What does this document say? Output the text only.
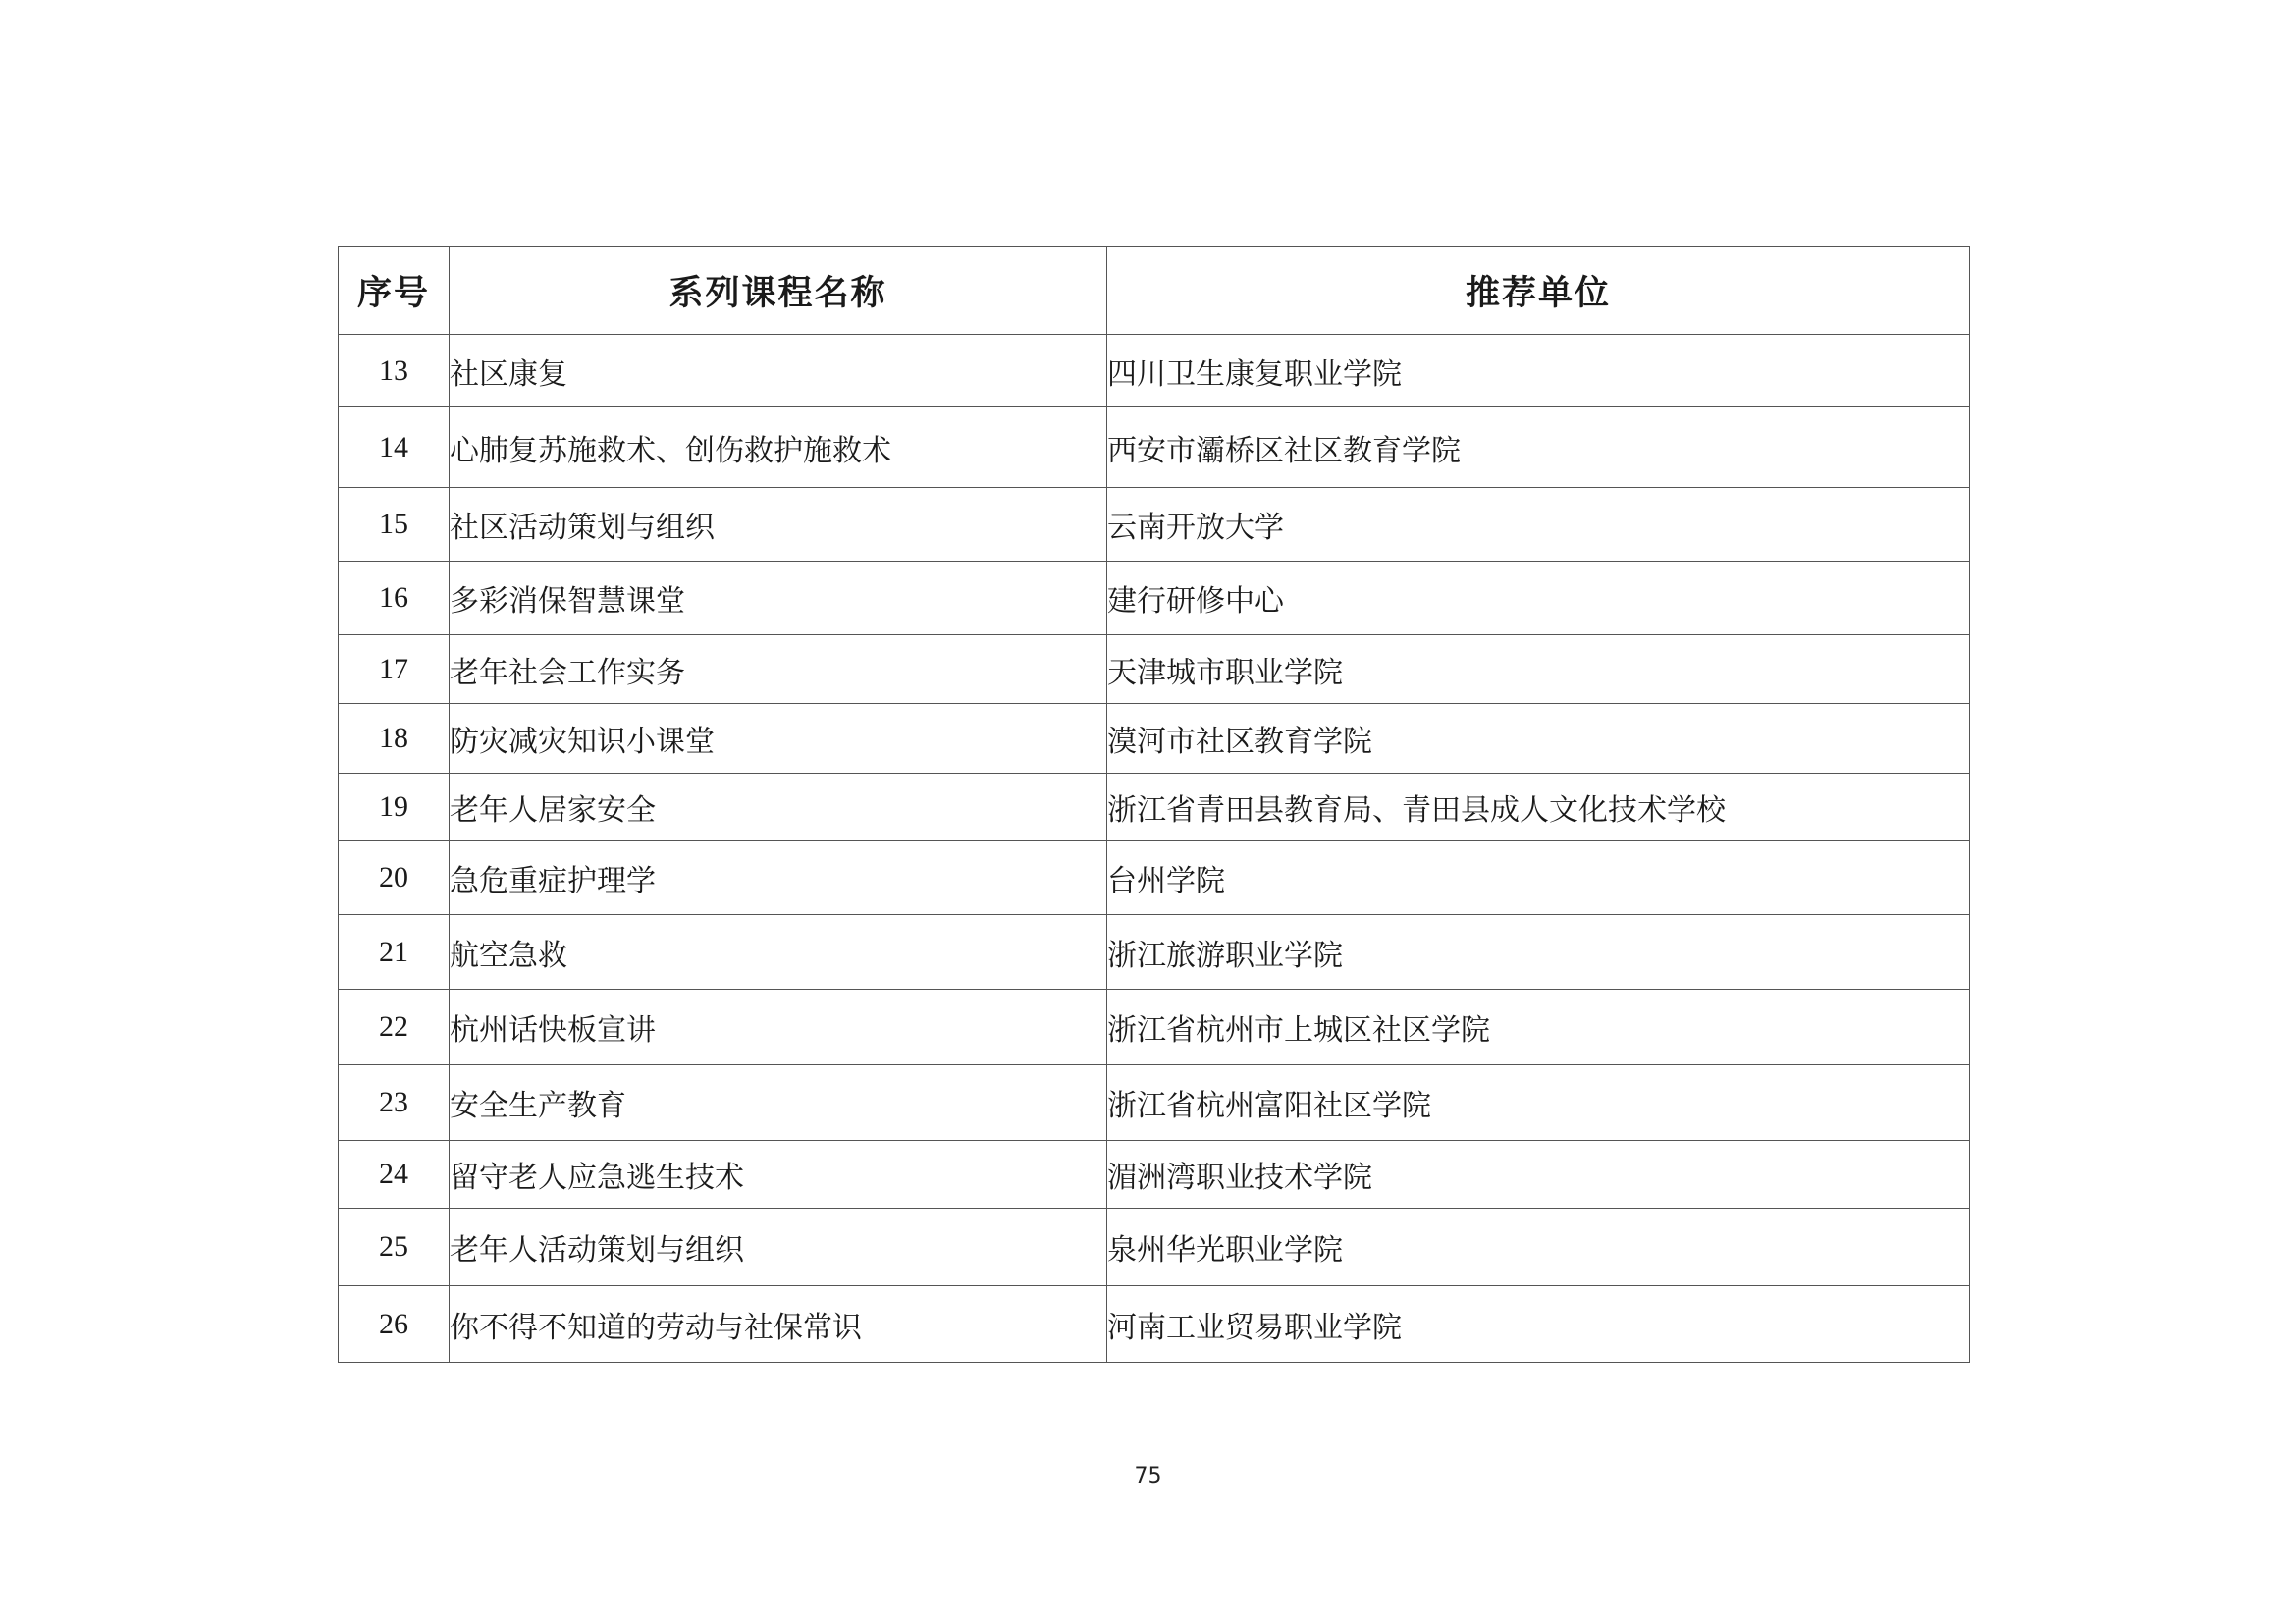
序号	系列课程名称	推荐单位
13	社区康复	四川卫生康复职业学院
14	心肺复苏施救术、创伤救护施救术	西安市灞桥区社区教育学院
15	社区活动策划与组织	云南开放大学
16	多彩消保智慧课堂	建行研修中心
17	老年社会工作实务	天津城市职业学院
18	防灾减灾知识小课堂	漠河市社区教育学院
19	老年人居家安全	浙江省青田县教育局、青田县成人文化技术学校
20	急危重症护理学	台州学院
21	航空急救	浙江旅游职业学院
22	杭州话快板宣讲	浙江省杭州市上城区社区学院
23	安全生产教育	浙江省杭州富阳社区学院
24	留守老人应急逃生技术	湄洲湾职业技术学院
25	老年人活动策划与组织	泉州华光职业学院
26	你不得不知道的劳动与社保常识	河南工业贸易职业学院
75
